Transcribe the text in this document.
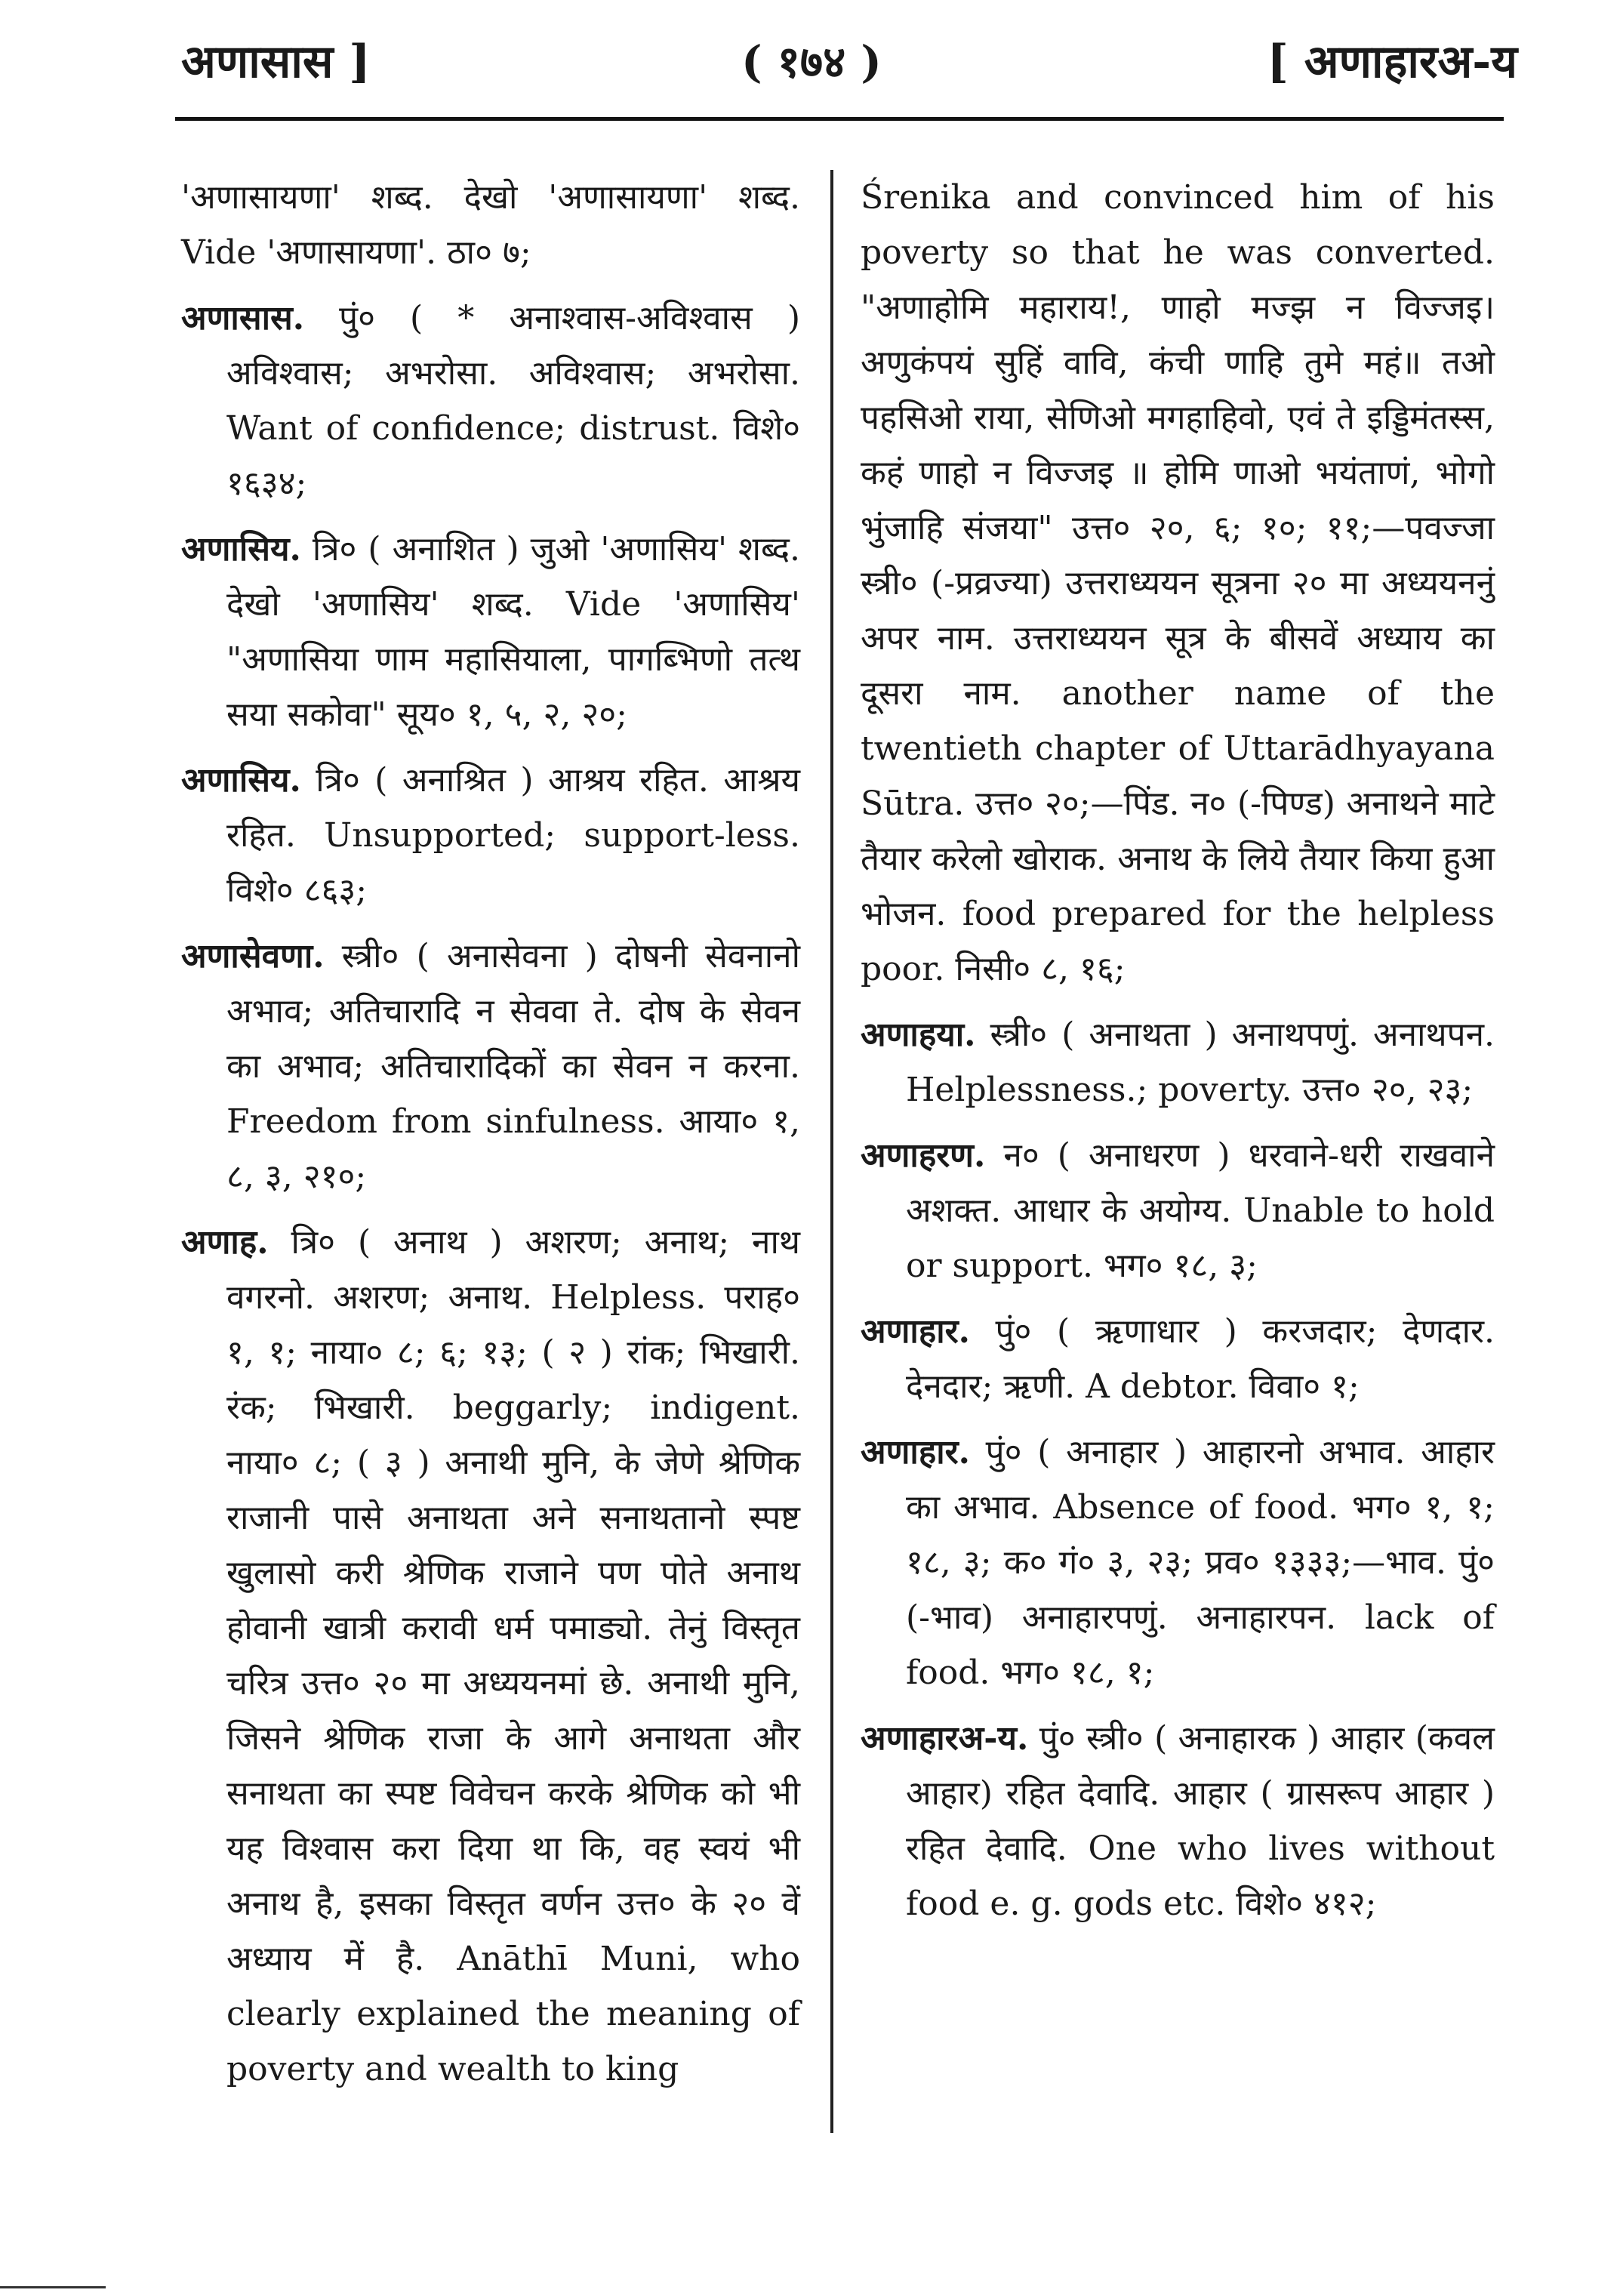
अणासास ]	( १७४ )	[ अणाहारअ-य

'अणासायणा' शब्द. देखो 'अणासायणा' शब्द. Vide 'अणासायणा'. ठा० ७;

अणासास. पुं० ( * अनाश्वास-अविश्वास ) अविश्वास; अभरोसा. अविश्वास; अभरोसा. Want of confidence; distrust. विशे० १६३४;

अणासिय. त्रि० ( अनाशित ) जुओ 'अणासिय' शब्द. देखो 'अणासिय' शब्द. Vide 'अणासिय' "अणासिया णाम महासियाला, पागब्भिणो तत्थ सया सकोवा" सूय० १, ५, २, २०;

अणासिय. त्रि० ( अनाश्रित ) आश्रय रहित. आश्रय रहित. Unsupported; support-less. विशे० ८६३;

अणासेवणा. स्त्री० ( अनासेवना ) दोषनी सेवनानो अभाव; अतिचारादि न सेववा ते. दोष के सेवन का अभाव; अतिचारादिकों का सेवन न करना. Freedom from sinfulness. आया० १, ८, ३, २१०;

अणाह. त्रि० ( अनाथ ) अशरण; अनाथ; नाथ वगरनो. अशरण; अनाथ. Helpless. पराह० १, १; नाया० ८; ६; १३; ( २ ) रांक; भिखारी. रंक; भिखारी. beggarly; indigent. नाया० ८; ( ३ ) अनाथी मुनि, के जेणे श्रेणिक राजानी पासे अनाथता अने सनाथतानो स्पष्ट खुलासो करी श्रेणिक राजाने पण पोते अनाथ होवानी खात्री करावी धर्म पमाड्यो. तेनुं विस्तृत चरित्र उत्त० २० मा अध्ययनमां छे. अनाथी मुनि, जिसने श्रेणिक राजा के आगे अनाथता और सनाथता का स्पष्ट विवेचन करके श्रेणिक को भी यह विश्वास करा दिया था कि, वह स्वयं भी अनाथ है, इसका विस्तृत वर्णन उत्त० के २० वें अध्याय में है. Anāthī Muni, who clearly explained the meaning of poverty and wealth to king

Śrenika and convinced him of his poverty so that he was converted. "अणाहोमि महाराय!, णाहो मज्झ न विज्जइ। अणुकंपयं सुहिं वावि, कंची णाहि तुमे महं॥ तओ पहसिओ राया, सेणिओ मगहाहिवो, एवं ते इड्डिमंतस्स, कहं णाहो न विज्जइ ॥ होमि णाओ भयंताणं, भोगो भुंजाहि संजया" उत्त० २०, ६; १०; ११;—पवज्जा स्त्री० (-प्रव्रज्या) उत्तराध्ययन सूत्रना २० मा अध्ययननुं अपर नाम. उत्तराध्ययन सूत्र के बीसवें अध्याय का दूसरा नाम. another name of the twentieth chapter of Uttarādhyayana Sūtra. उत्त० २०;—पिंड. न० (-पिण्ड) अनाथने माटे तैयार करेलो खोराक. अनाथ के लिये तैयार किया हुआ भोजन. food prepared for the helpless poor. निसी० ८, १६;

अणाहया. स्त्री० ( अनाथता ) अनाथपणुं. अनाथपन. Helplessness.; poverty. उत्त० २०, २३;

अणाहरण. न० ( अनाधरण ) धरवाने-धरी राखवाने अशक्त. आधार के अयोग्य. Unable to hold or support. भग० १८, ३;

अणाहार. पुं० ( ऋणाधार ) करजदार; देणदार. देनदार; ऋणी. A debtor. विवा० १;

अणाहार. पुं० ( अनाहार ) आहारनो अभाव. आहार का अभाव. Absence of food. भग० १, १; १८, ३; क० गं० ३, २३; प्रव० १३३३;—भाव. पुं० (-भाव) अनाहारपणुं. अनाहारपन. lack of food. भग० १८, १;

अणाहारअ-य. पुं० स्त्री० ( अनाहारक ) आहार (कवल आहार) रहित देवादि. आहार ( ग्रासरूप आहार ) रहित देवादि. One who lives without food e. g. gods etc. विशे० ४१२;
